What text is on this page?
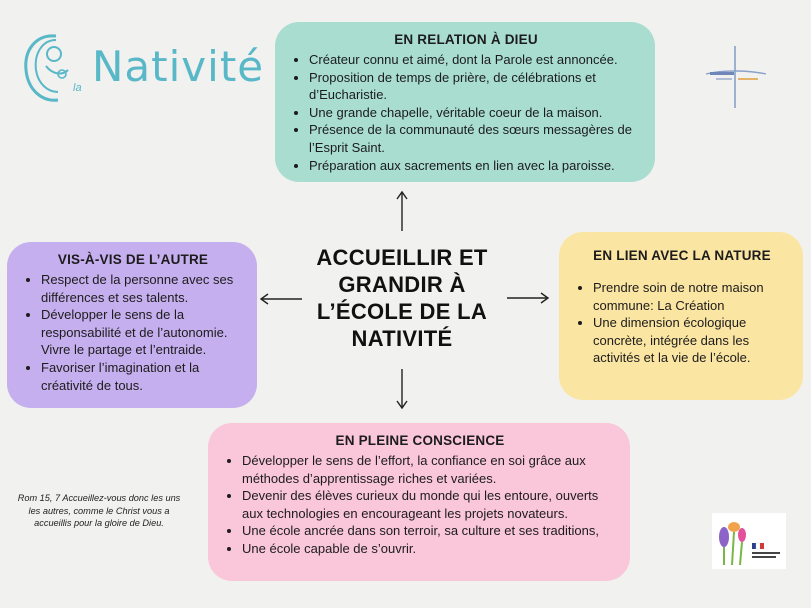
la Nativité
EN RELATION À DIEU
• Créateur connu et aimé, dont la Parole est annoncée.
• Proposition de temps de prière, de célébrations et d’Eucharistie.
• Une grande chapelle, véritable coeur de la maison.
• Présence de la communauté des sœurs messagères de l’Esprit Saint.
• Préparation aux sacrements en lien avec la paroisse.
VIS-À-VIS DE L’AUTRE
• Respect de la personne avec ses différences et ses talents.
• Développer le sens de la responsabilité et de l’autonomie. Vivre le partage et l’entraide.
• Favoriser l’imagination et la créativité de tous.
EN LIEN AVEC LA NATURE
• Prendre soin de notre maison commune: La Création
• Une dimension écologique concrète, intégrée dans les activités et la vie de l’école.
EN PLEINE CONSCIENCE
• Développer le sens de l’effort, la confiance en soi grâce aux méthodes d’apprentissage riches et variées.
• Devenir des élèves curieux du monde qui les entoure, ouverts aux technologies en encourageant les projets novateurs.
• Une école ancrée dans son terroir, sa culture et ses traditions,
• Une école capable de s’ouvrir.
ACCUEILLIR ET GRANDIR À L’ÉCOLE DE LA NATIVITÉ
Rom 15, 7 Accueillez-vous donc les uns les autres, comme le Christ vous a accueillis pour la gloire de Dieu.
